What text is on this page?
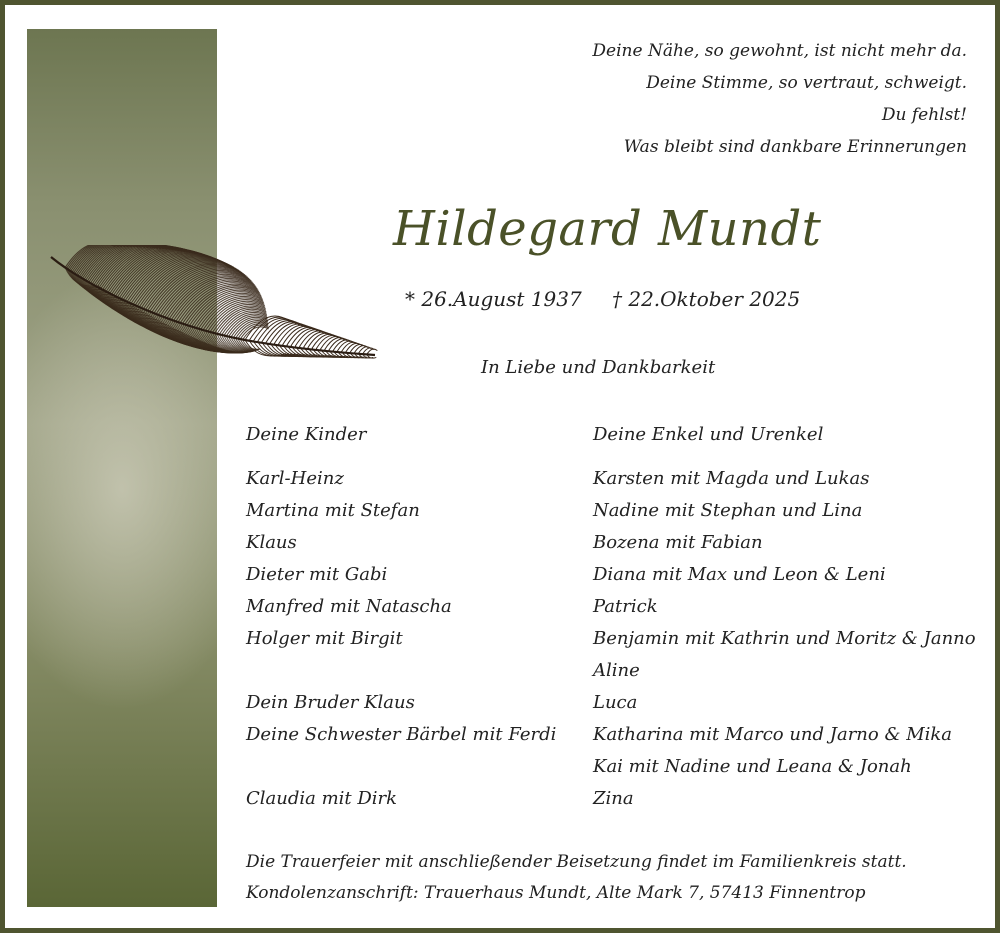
Deine Nähe, so gewohnt, ist nicht mehr da.
Deine Stimme, so vertraut, schweigt.
Du fehlst!
Was bleibt sind dankbare Erinnerungen
Hildegard Mundt
* 26.August 1937 † 22.Oktober 2025
In Liebe und Dankbarkeit
Deine Kinder
Karl-Heinz
Martina mit Stefan
Klaus
Dieter mit Gabi
Manfred mit Natascha
Holger mit Birgit
Dein Bruder Klaus
Deine Schwester Bärbel mit Ferdi
Claudia mit Dirk
Deine Enkel und Urenkel
Karsten mit Magda und Lukas
Nadine mit Stephan und Lina
Bozena mit Fabian
Diana mit Max und Leon & Leni
Patrick
Benjamin mit Kathrin und Moritz & Janno
Aline
Luca
Katharina mit Marco und Jarno & Mika
Kai mit Nadine und Leana & Jonah
Zina
Die Trauerfeier mit anschließender Beisetzung findet im Familienkreis statt.
Kondolenzanschrift: Trauerhaus Mundt, Alte Mark 7, 57413 Finnentrop
